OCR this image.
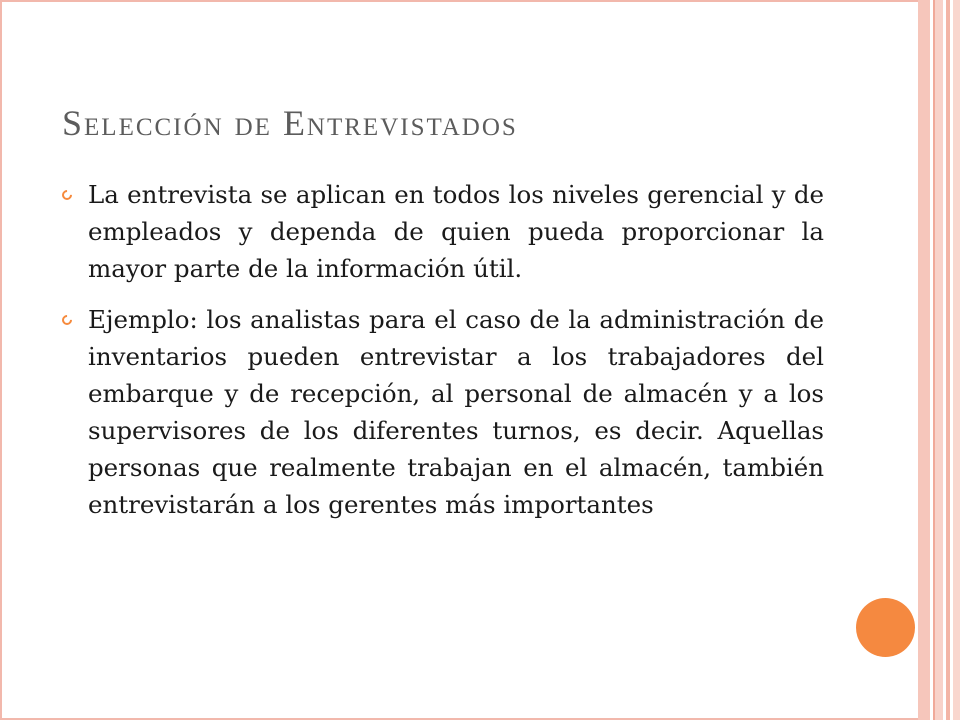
Selección de Entrevistados

La entrevista se aplican en todos los niveles gerencial y de empleados y dependa de quien pueda proporcionar la mayor parte de la información útil.

Ejemplo: los analistas para el caso de la administración de inventarios pueden entrevistar a los trabajadores del embarque y de recepción, al personal de almacén y a los supervisores de los diferentes turnos, es decir. Aquellas personas que realmente trabajan en el almacén, también entrevistarán a los gerentes más importantes
